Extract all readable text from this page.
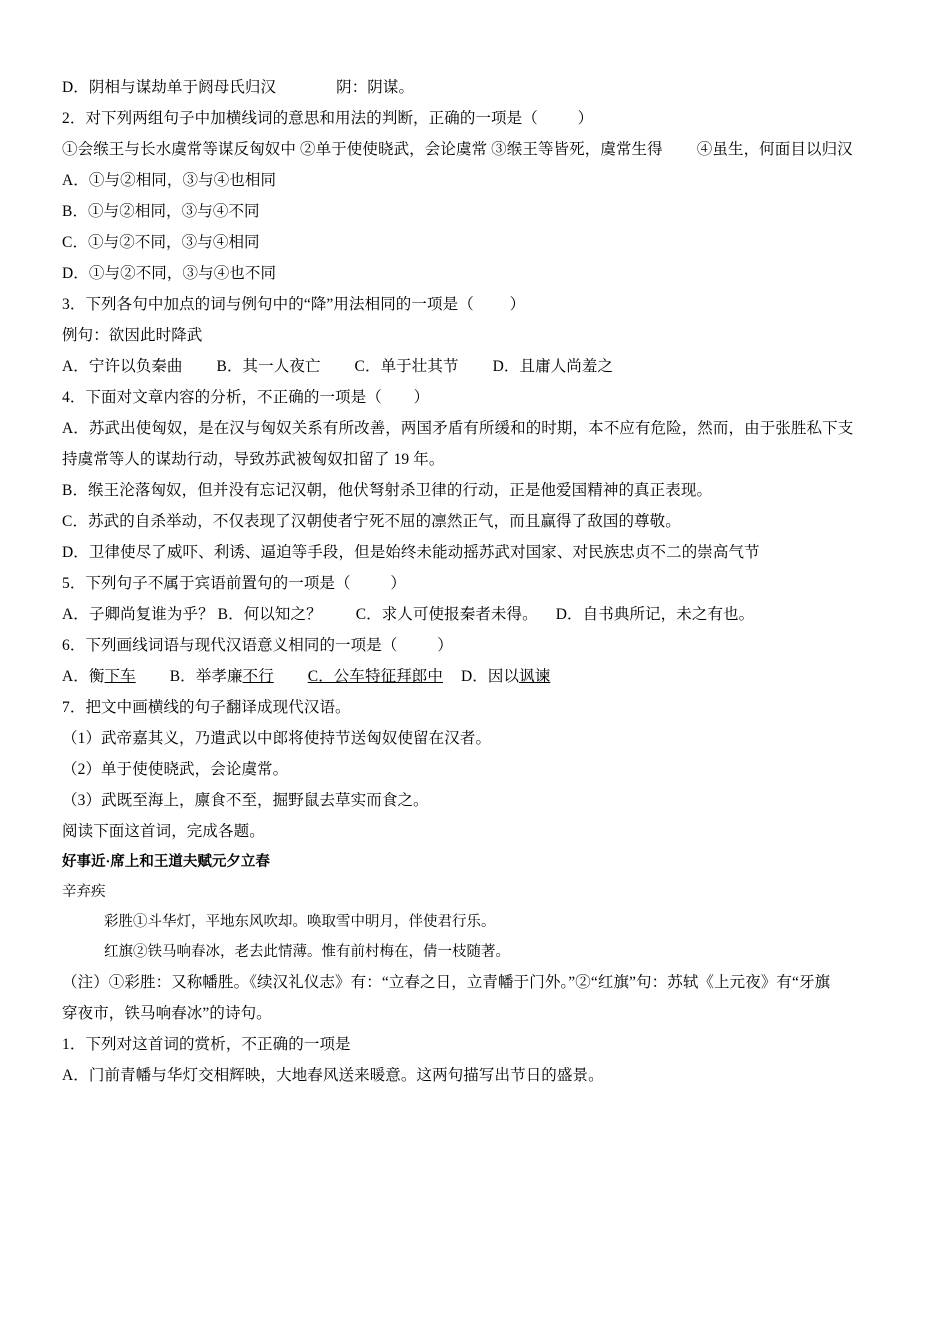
D．阴相与谋劫单于阏母氏归汉	阴：阴谋。
2．对下列两组句子中加横线词的意思和用法的判断，正确的一项是（          ）
①会缑王与长水虞常等谋反匈奴中 ②单于使使晓武，会论虞常 ③缑王等皆死，虞常生得 ④虽生，何面目以归汉
A．①与②相同，③与④也相同
B．①与②相同，③与④不同
C．①与②不同，③与④相同
D．①与②不同，③与④也不同
3．下列各句中加点的词与例句中的“降”用法相同的一项是（         ）
例句：欲因此时降武
A．宁许以负秦曲 B．其一人夜亡 C．单于壮其节 D．且庸人尚羞之
4．下面对文章内容的分析，不正确的一项是（        ）
A．苏武出使匈奴，是在汉与匈奴关系有所改善，两国矛盾有所缓和的时期，本不应有危险，然而，由于张胜私下支
持虞常等人的谋劫行动，导致苏武被匈奴扣留了 19 年。
B．缑王沦落匈奴，但并没有忘记汉朝，他伏弩射杀卫律的行动，正是他爱国精神的真正表现。
C．苏武的自杀举动，不仅表现了汉朝使者宁死不屈的凛然正气，而且赢得了敌国的尊敬。
D．卫律使尽了威吓、利诱、逼迫等手段，但是始终未能动摇苏武对国家、对民族忠贞不二的崇高气节
5．下列句子不属于宾语前置句的一项是（          ）
A．子卿尚复谁为乎？ B．何以知之？ C．求人可使报秦者未得。 D．自书典所记，未之有也。
6．下列画线词语与现代汉语意义相同的一项是（          ）
A．衡下车 B．举孝廉不行 C．公车特征拜郎中 D．因以讽谏
7．把文中画横线的句子翻译成现代汉语。
（1）武帝嘉其义，乃遣武以中郎将使持节送匈奴使留在汉者。
（2）单于使使晓武，会论虞常。
（3）武既至海上，廪食不至，掘野鼠去草实而食之。
阅读下面这首词，完成各题。
好事近·席上和王道夫赋元夕立春
辛弃疾
彩胜①斗华灯，平地东风吹却。唤取雪中明月，伴使君行乐。
红旗②铁马响春冰，老去此情薄。惟有前村梅在，倩一枝随著。
（注）①彩胜：又称幡胜。《续汉礼仪志》有：“立春之日，立青幡于门外。”②“红旗”句：苏轼《上元夜》有“牙旗
穿夜市，铁马响春冰”的诗句。
1．下列对这首词的赏析，不正确的一项是
A．门前青幡与华灯交相辉映，大地春风送来暖意。这两句描写出节日的盛景。
